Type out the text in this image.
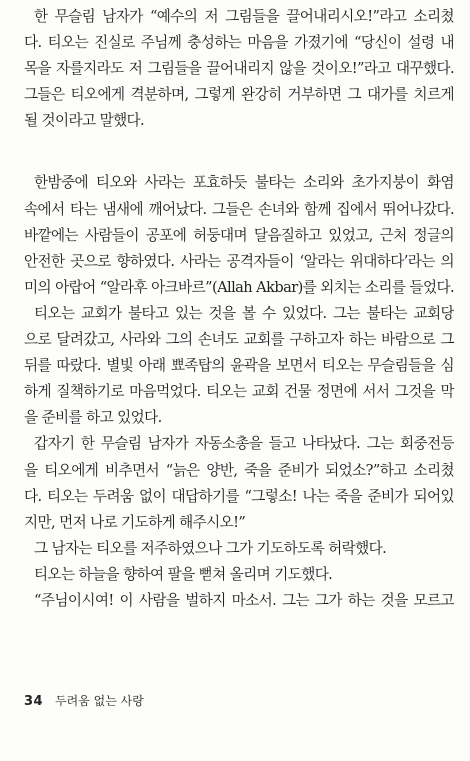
한 무슬림 남자가 “예수의 저 그림들을 끌어내리시오!”라고 소리쳤
다. 티오는 진실로 주님께 충성하는 마음을 가졌기에 “당신이 설령 내
목을 자를지라도 저 그림들을 끌어내리지 않을 것이오!”라고 대꾸했다.
그들은 티오에게 격분하며, 그렇게 완강히 거부하면 그 대가를 치르게
될 것이라고 말했다.
한밤중에 티오와 사라는 포효하듯 불타는 소리와 초가지붕이 화염
속에서 타는 냄새에 깨어났다. 그들은 손녀와 함께 집에서 뛰어나갔다.
바깥에는 사람들이 공포에 허둥대며 달음질하고 있었고, 근처 정글의
안전한 곳으로 향하였다. 사라는 공격자들이 ‘알라는 위대하다’라는 의
미의 아랍어 “알라후 아크바르”(Allah Akbar)를 외치는 소리를 들었다.
티오는 교회가 불타고 있는 것을 볼 수 있었다. 그는 불타는 교회당
으로 달려갔고, 사라와 그의 손녀도 교회를 구하고자 하는 바람으로 그
뒤를 따랐다. 별빛 아래 뾰족탑의 윤곽을 보면서 티오는 무슬림들을 심
하게 질책하기로 마음먹었다. 티오는 교회 건물 정면에 서서 그것을 막
을 준비를 하고 있었다.
갑자기 한 무슬림 남자가 자동소총을 들고 나타났다. 그는 회중전등
을 티오에게 비추면서 “늙은 양반, 죽을 준비가 되었소?”하고 소리쳤
다. 티오는 두려움 없이 대답하기를 “그렇소! 나는 죽을 준비가 되어있
지만, 먼저 나로 기도하게 해주시오!”
그 남자는 티오를 저주하였으나 그가 기도하도록 허락했다.
티오는 하늘을 향하여 팔을 뻗쳐 올리며 기도했다.
“주님이시여! 이 사람을 벌하지 마소서. 그는 그가 하는 것을 모르고
34 두려움 없는 사랑
